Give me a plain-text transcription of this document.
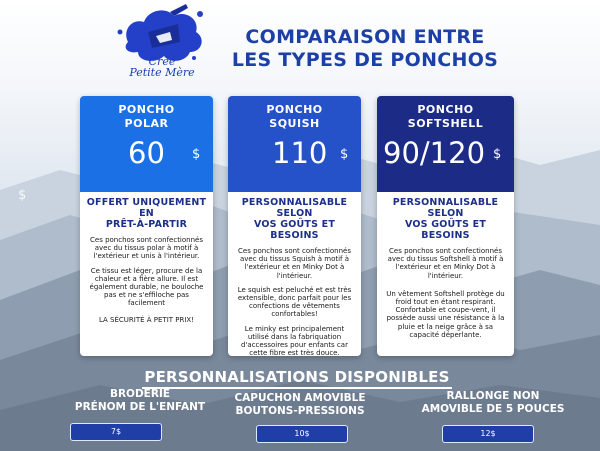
Créé
Petite Mère
COMPARAISON ENTRE
LES TYPES DE PONCHOS
$
PONCHO
POLAR
60 $
OFFERT UNIQUEMENT EN
PRÊT-À-PARTIR

Ces ponchos sont confectionnés avec du tissus polar à motif à l'extérieur et unis à l'intérieur.

Ce tissu est léger, procure de la chaleur et a fière allure. Il est également durable, ne bouloche pas et ne s'effiloche pas facilement

LA SÉCURITÉ À PETIT PRIX!

PONCHO
SQUISH
110 $
PERSONNALISABLE SELON
VOS GOÛTS ET BESOINS

Ces ponchos sont confectionnés avec du tissus Squish à motif à l'extérieur et en Minky Dot à l'intérieur.

Le squish est peluché et est très extensible, donc parfait pour les confections de vêtements confortables!

Le minky est principalement utilisé dans la fabriquation d'accessoires pour enfants car cette fibre est très douce.

PONCHO
SOFTSHELL
90/120 $
PERSONNALISABLE SELON
VOS GOÛTS ET BESOINS

Ces ponchos sont confectionnés avec du tissus Softshell à motif à l'extérieur et en Minky Dot à l'intérieur.

Un vêtement Softshell protège du froid tout en étant respirant. Confortable et coupe-vent, il possède aussi une résistance à la pluie et la neige grâce à sa capacité déperlante.

PERSONNALISATIONS DISPONIBLES
BRODERIE
PRÉNOM DE L'ENFANT
7$
CAPUCHON AMOVIBLE
BOUTONS-PRESSIONS
10$
RALLONGE NON
AMOVIBLE DE 5 POUCES
12$
